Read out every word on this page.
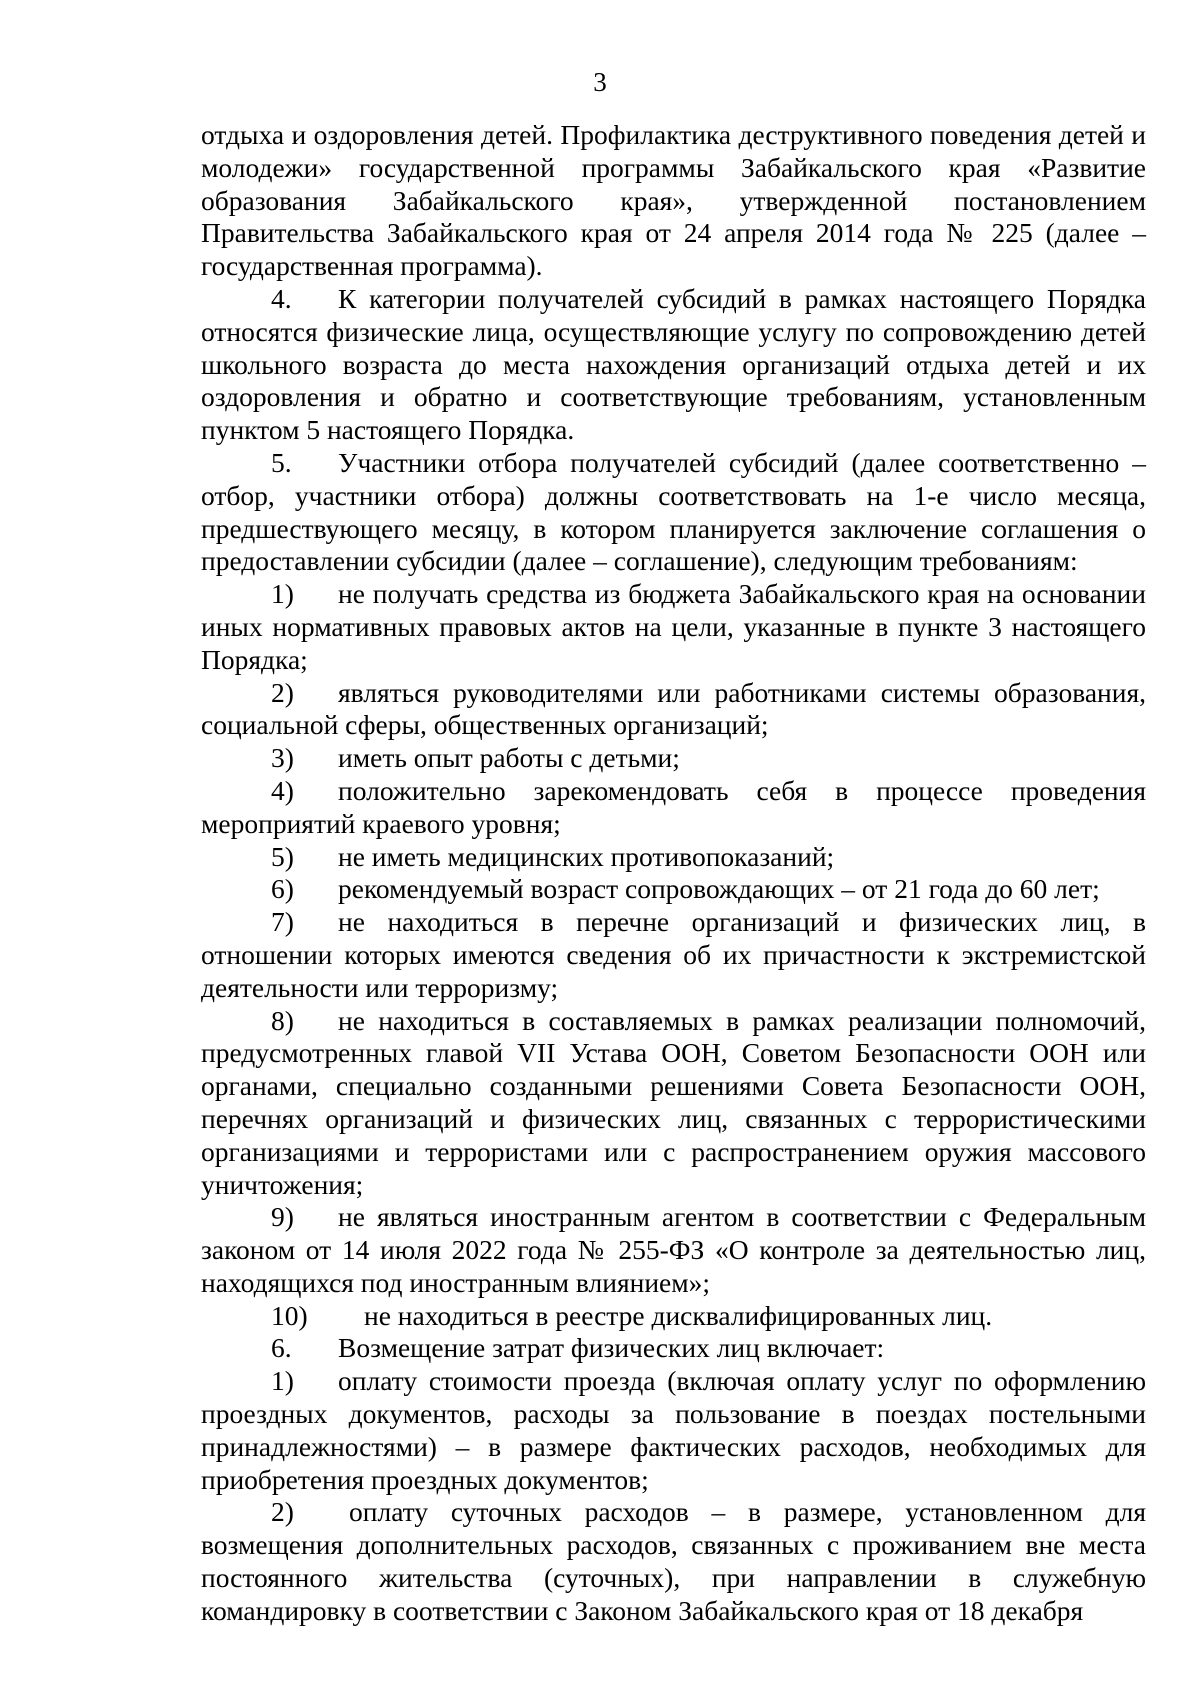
3

отдыха и оздоровления детей. Профилактика деструктивного поведения детей и молодежи» государственной программы Забайкальского края «Развитие образования Забайкальского края», утвержденной постановлением Правительства Забайкальского края от 24 апреля 2014 года № 225 (далее – государственная программа).

4. К категории получателей субсидий в рамках настоящего Порядка относятся физические лица, осуществляющие услугу по сопровождению детей школьного возраста до места нахождения организаций отдыха детей и их оздоровления и обратно и соответствующие требованиям, установленным пунктом 5 настоящего Порядка.

5. Участники отбора получателей субсидий (далее соответственно – отбор, участники отбора) должны соответствовать на 1-е число месяца, предшествующего месяцу, в котором планируется заключение соглашения о предоставлении субсидии (далее – соглашение), следующим требованиям:

1) не получать средства из бюджета Забайкальского края на основании иных нормативных правовых актов на цели, указанные в пункте 3 настоящего Порядка;

2) являться руководителями или работниками системы образования, социальной сферы, общественных организаций;

3) иметь опыт работы с детьми;

4) положительно зарекомендовать себя в процессе проведения мероприятий краевого уровня;

5) не иметь медицинских противопоказаний;

6) рекомендуемый возраст сопровождающих – от 21 года до 60 лет;

7) не находиться в перечне организаций и физических лиц, в отношении которых имеются сведения об их причастности к экстремистской деятельности или терроризму;

8) не находиться в составляемых в рамках реализации полномочий, предусмотренных главой VII Устава ООН, Советом Безопасности ООН или органами, специально созданными решениями Совета Безопасности ООН, перечнях организаций и физических лиц, связанных с террористическими организациями и террористами или с распространением оружия массового уничтожения;

9) не являться иностранным агентом в соответствии с Федеральным законом от 14 июля 2022 года № 255-ФЗ «О контроле за деятельностью лиц, находящихся под иностранным влиянием»;

10) не находиться в реестре дисквалифицированных лиц.

6. Возмещение затрат физических лиц включает:

1) оплату стоимости проезда (включая оплату услуг по оформлению проездных документов, расходы за пользование в поездах постельными принадлежностями) – в размере фактических расходов, необходимых для приобретения проездных документов;

2) оплату суточных расходов – в размере, установленном для возмещения дополнительных расходов, связанных с проживанием вне места постоянного жительства (суточных), при направлении в служебную командировку в соответствии с Законом Забайкальского края от 18 декабря
